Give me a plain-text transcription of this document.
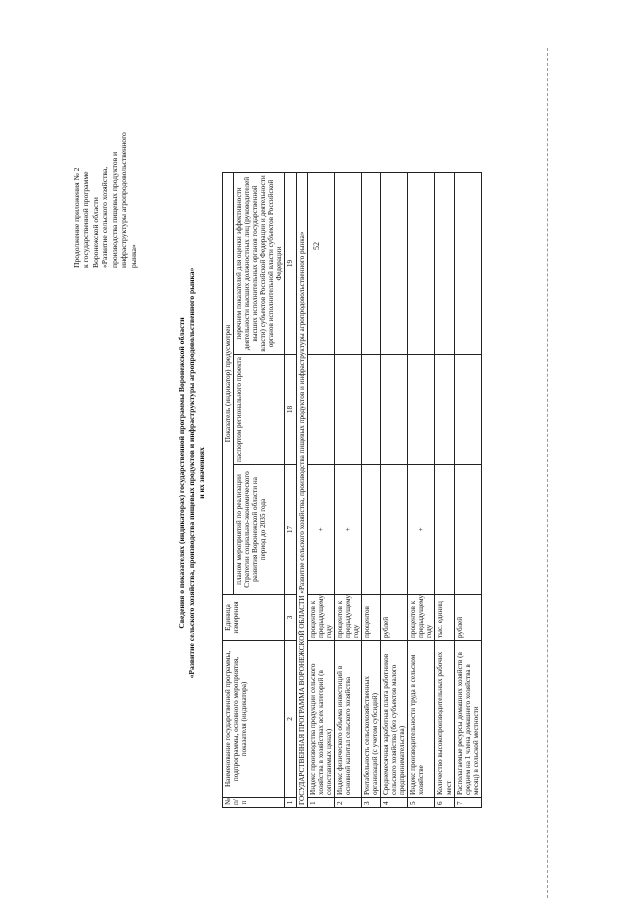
52
Продолжение приложения № 2 к государственной программе Воронежской области «Развитие сельского хозяйства, производства пищевых продуктов и инфраструктуры агропродовольственного рынка»
Сведения о показателях (индикаторах) государственной программы Воронежской области «Развитие сельского хозяйства, производства пищевых продуктов и инфраструктуры агропродовольственного рынка» и их значениях
№ п/п	Наименование государственной программы, подпрограммы, основного мероприятия, показателя (индикатора)	Единица измерения	Показатель (индикатор) предусмотрен		
			планом мероприятий по реализации Стратегии социально-экономического развития Воронежской области на период до 2035 года	паспортом регионального проекта	перечнем показателей для оценки эффективности деятельности высших должностных лиц (руководителей высших исполнительных органов государственной власти) субъектов Российской Федерации и деятельности органов исполнительной власти субъектов Российской Федерации
1	2	3	17	18	19
ГОСУДАРСТВЕННАЯ ПРОГРАММА ВОРОНЕЖСКОЙ ОБЛАСТИ «Развитие сельского хозяйства, производства пищевых продуктов и инфраструктуры агропродовольственного рынка»					
1	Индекс производства продукции сельского хозяйства в хозяйствах всех категорий (в сопоставимых ценах)	процентов к предыдущему году	+		
2	Индекс физического объема инвестиций в основной капитал сельского хозяйства	процентов к предыдущему году	+		
3	Рентабельность сельскохозяйственных организаций (с учетом субсидий)	процентов			
4	Среднемесячная заработная плата работников сельского хозяйства (без субъектов малого предпринимательства)	рублей			
5	Индекс производительности труда в сельском хозяйстве	процентов к предыдущему году	+		
6	Количество высокопроизводительных рабочих мест	тыс. единиц			
7	Располагаемые ресурсы домашних хозяйств (в среднем на 1 члена домашнего хозяйства в месяц) в сельской местности	рублей			
